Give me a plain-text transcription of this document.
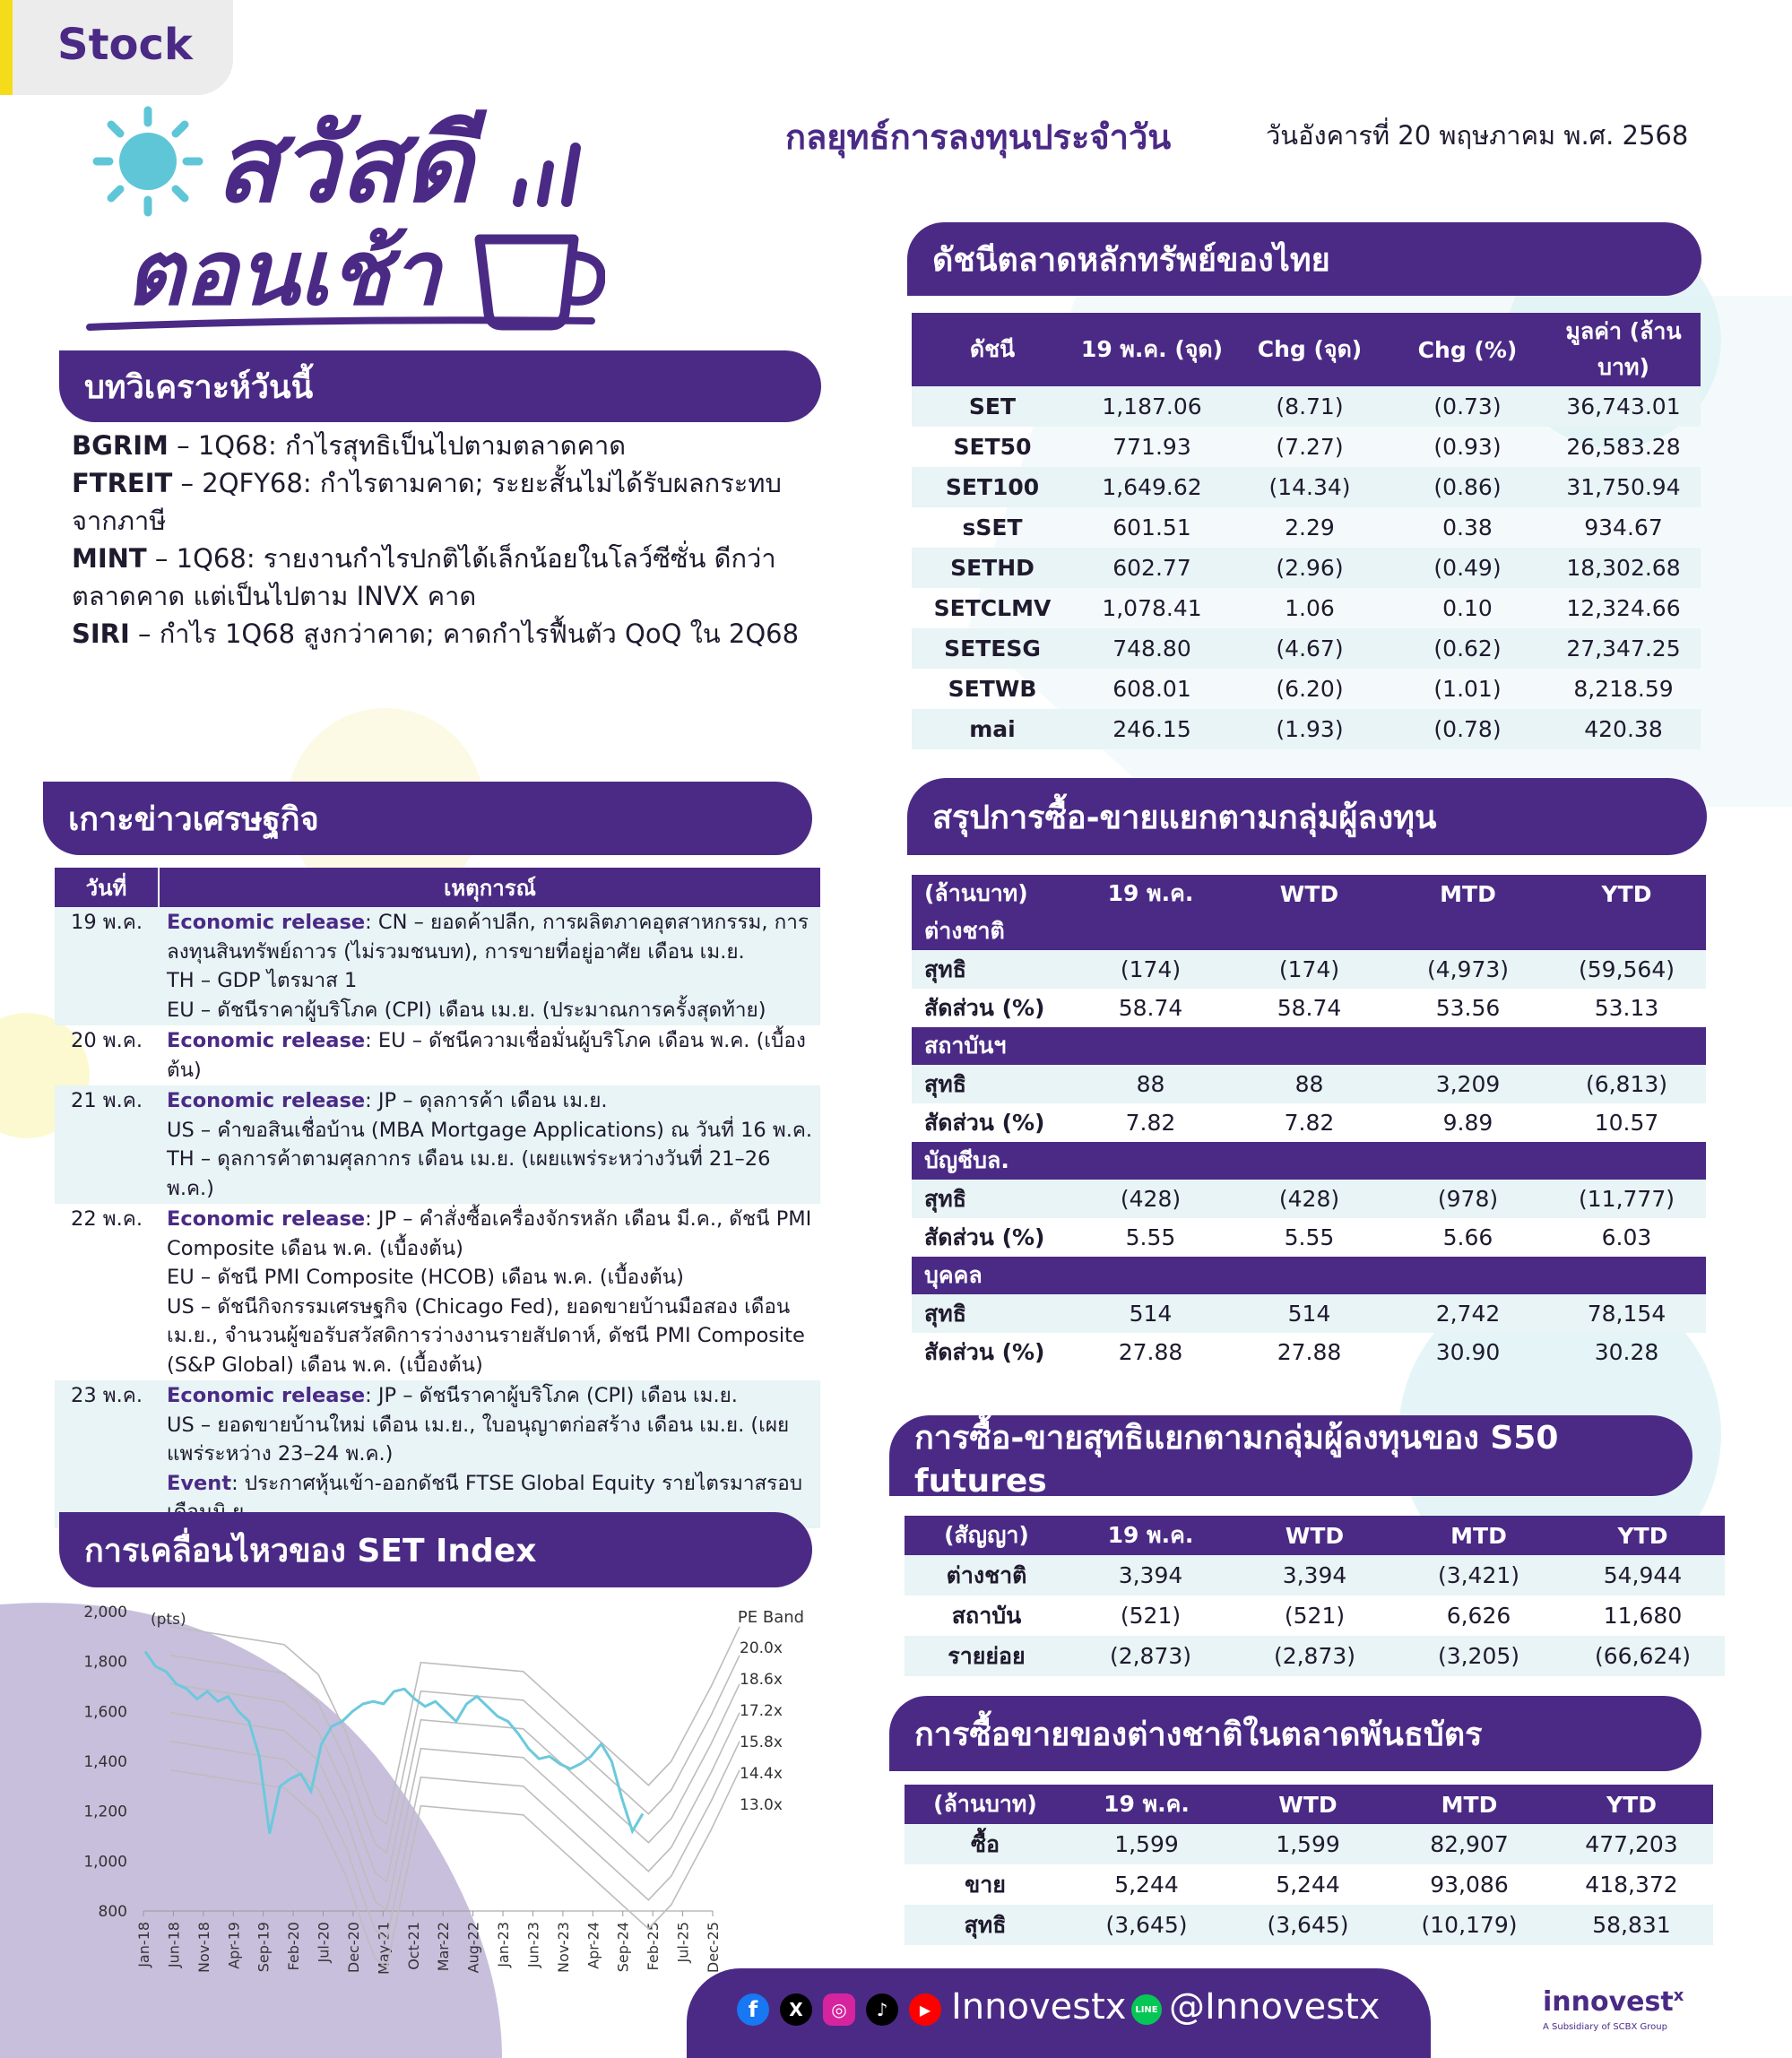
Stock
สวัสดี
ตอนเช้า
กลยุทธ์การลงทุนประจำวัน	วันอังคารที่ 20 พฤษภาคม พ.ศ. 2568
บทวิเคราะห์วันนี้

BGRIM – 1Q68: กำไรสุทธิเป็นไปตามตลาดคาด

FTREIT – 2QFY68: กำไรตามคาด; ระยะสั้นไม่ได้รับผลกระทบจากภาษี

MINT – 1Q68: รายงานกำไรปกติได้เล็กน้อยในโลว์ซีซั่น ดีกว่าตลาดคาด แต่เป็นไปตาม INVX คาด

SIRI – กำไร 1Q68 สูงกว่าคาด; คาดกำไรฟื้นตัว QoQ ใน 2Q68

เกาะข่าวเศรษฐกิจ
วันที่	เหตุการณ์
19 พ.ค.	Economic release: CN – ยอดค้าปลีก, การผลิตภาคอุตสาหกรรม, การลงทุนสินทรัพย์ถาวร (ไม่รวมชนบท), การขายที่อยู่อาศัย เดือน เม.ย.
TH – GDP ไตรมาส 1
EU – ดัชนีราคาผู้บริโภค (CPI) เดือน เม.ย. (ประมาณการครั้งสุดท้าย)

20 พ.ค.	Economic release: EU – ดัชนีความเชื่อมั่นผู้บริโภค เดือน พ.ค. (เบื้องต้น)

21 พ.ค.	Economic release: JP – ดุลการค้า เดือน เม.ย.
US – คำขอสินเชื่อบ้าน (MBA Mortgage Applications) ณ วันที่ 16 พ.ค.
TH – ดุลการค้าตามศุลกากร เดือน เม.ย. (เผยแพร่ระหว่างวันที่ 21–26 พ.ค.)

22 พ.ค.	Economic release: JP – คำสั่งซื้อเครื่องจักรหลัก เดือน มี.ค., ดัชนี PMI Composite เดือน พ.ค. (เบื้องต้น)
EU – ดัชนี PMI Composite (HCOB) เดือน พ.ค. (เบื้องต้น)
US – ดัชนีกิจกรรมเศรษฐกิจ (Chicago Fed), ยอดขายบ้านมือสอง เดือน เม.ย., จำนวนผู้ขอรับสวัสดิการว่างงานรายสัปดาห์, ดัชนี PMI Composite (S&P Global) เดือน พ.ค. (เบื้องต้น)

23 พ.ค.	Economic release: JP – ดัชนีราคาผู้บริโภค (CPI) เดือน เม.ย.
US – ยอดขายบ้านใหม่ เดือน เม.ย., ใบอนุญาตก่อสร้าง เดือน เม.ย. (เผยแพร่ระหว่าง 23–24 พ.ค.)
Event: ประกาศหุ้นเข้า-ออกดัชนี FTSE Global Equity รายไตรมาสรอบ
การเคลื่อนไหวของ SET Index
2,000
1,800
1,600
1,400
1,200
1,000
800
(pts)	PE Band
Jan-18 Jun-18 Nov-18 Apr-19 Sep-19 Feb-20 Jul-20 Dec-20 May-21 Oct-21 Mar-22 Aug-22 Jan-23 Jun-23 Nov-23 Apr-24 Sep-24 Feb-25 Jul-25 Dec-25
20.0x
18.6x
17.2x
15.8x
14.4x
13.0x
ดัชนีตลาดหลักทรัพย์ของไทย
ดัชนี	19 พ.ค. (จุด)	Chg (จุด)	Chg (%)	มูลค่า (ล้านบาท)
SET	1,187.06	(8.71)	(0.73)	36,743.01
SET50	771.93	(7.27)	(0.93)	26,583.28
SET100	1,649.62	(14.34)	(0.86)	31,750.94
sSET	601.51	2.29	0.38	934.67
SETHD	602.77	(2.96)	(0.49)	18,302.68
SETCLMV	1,078.41	1.06	0.10	12,324.66
SETESG	748.80	(4.67)	(0.62)	27,347.25
SETWB	608.01	(6.20)	(1.01)	8,218.59
mai	246.15	(1.93)	(0.78)	420.38
สรุปการซื้อ-ขายแยกตามกลุ่มผู้ลงทุน
(ล้านบาท)	19 พ.ค.	WTD	MTD	YTD
ต่างชาติ				
สุทธิ	(174)	(174)	(4,973)	(59,564)
สัดส่วน (%)	58.74	58.74	53.56	53.13
สถาบันฯ				
สุทธิ	88	88	3,209	(6,813)
สัดส่วน (%)	7.82	7.82	9.89	10.57
บัญชีบล.				
สุทธิ	(428)	(428)	(978)	(11,777)
สัดส่วน (%)	5.55	5.55	5.66	6.03
บุคคล				
สุทธิ	514	514	2,742	78,154
สัดส่วน (%)	27.88	27.88	30.90	30.28
การซื้อ-ขายสุทธิแยกตามกลุ่มผู้ลงทุนของ S50 futures
(สัญญา)	19 พ.ค.	WTD	MTD	YTD
ต่างชาติ	3,394	3,394	(3,421)	54,944
สถาบัน	(521)	(521)	6,626	11,680
รายย่อย	(2,873)	(2,873)	(3,205)	(66,624)
การซื้อขายของต่างชาติในตลาดพันธบัตร
(ล้านบาท)	19 พ.ค.	WTD	MTD	YTD
ซื้อ	1,599	1,599	82,907	477,203
ขาย	5,244	5,244	93,086	418,372
สุทธิ	(3,645)	(3,645)	(10,179)	58,831
f	X	◎	♪	▶ Innovestx LINE @Innovestx	innovest$^x$
A Subsidiary of SCBX Group
